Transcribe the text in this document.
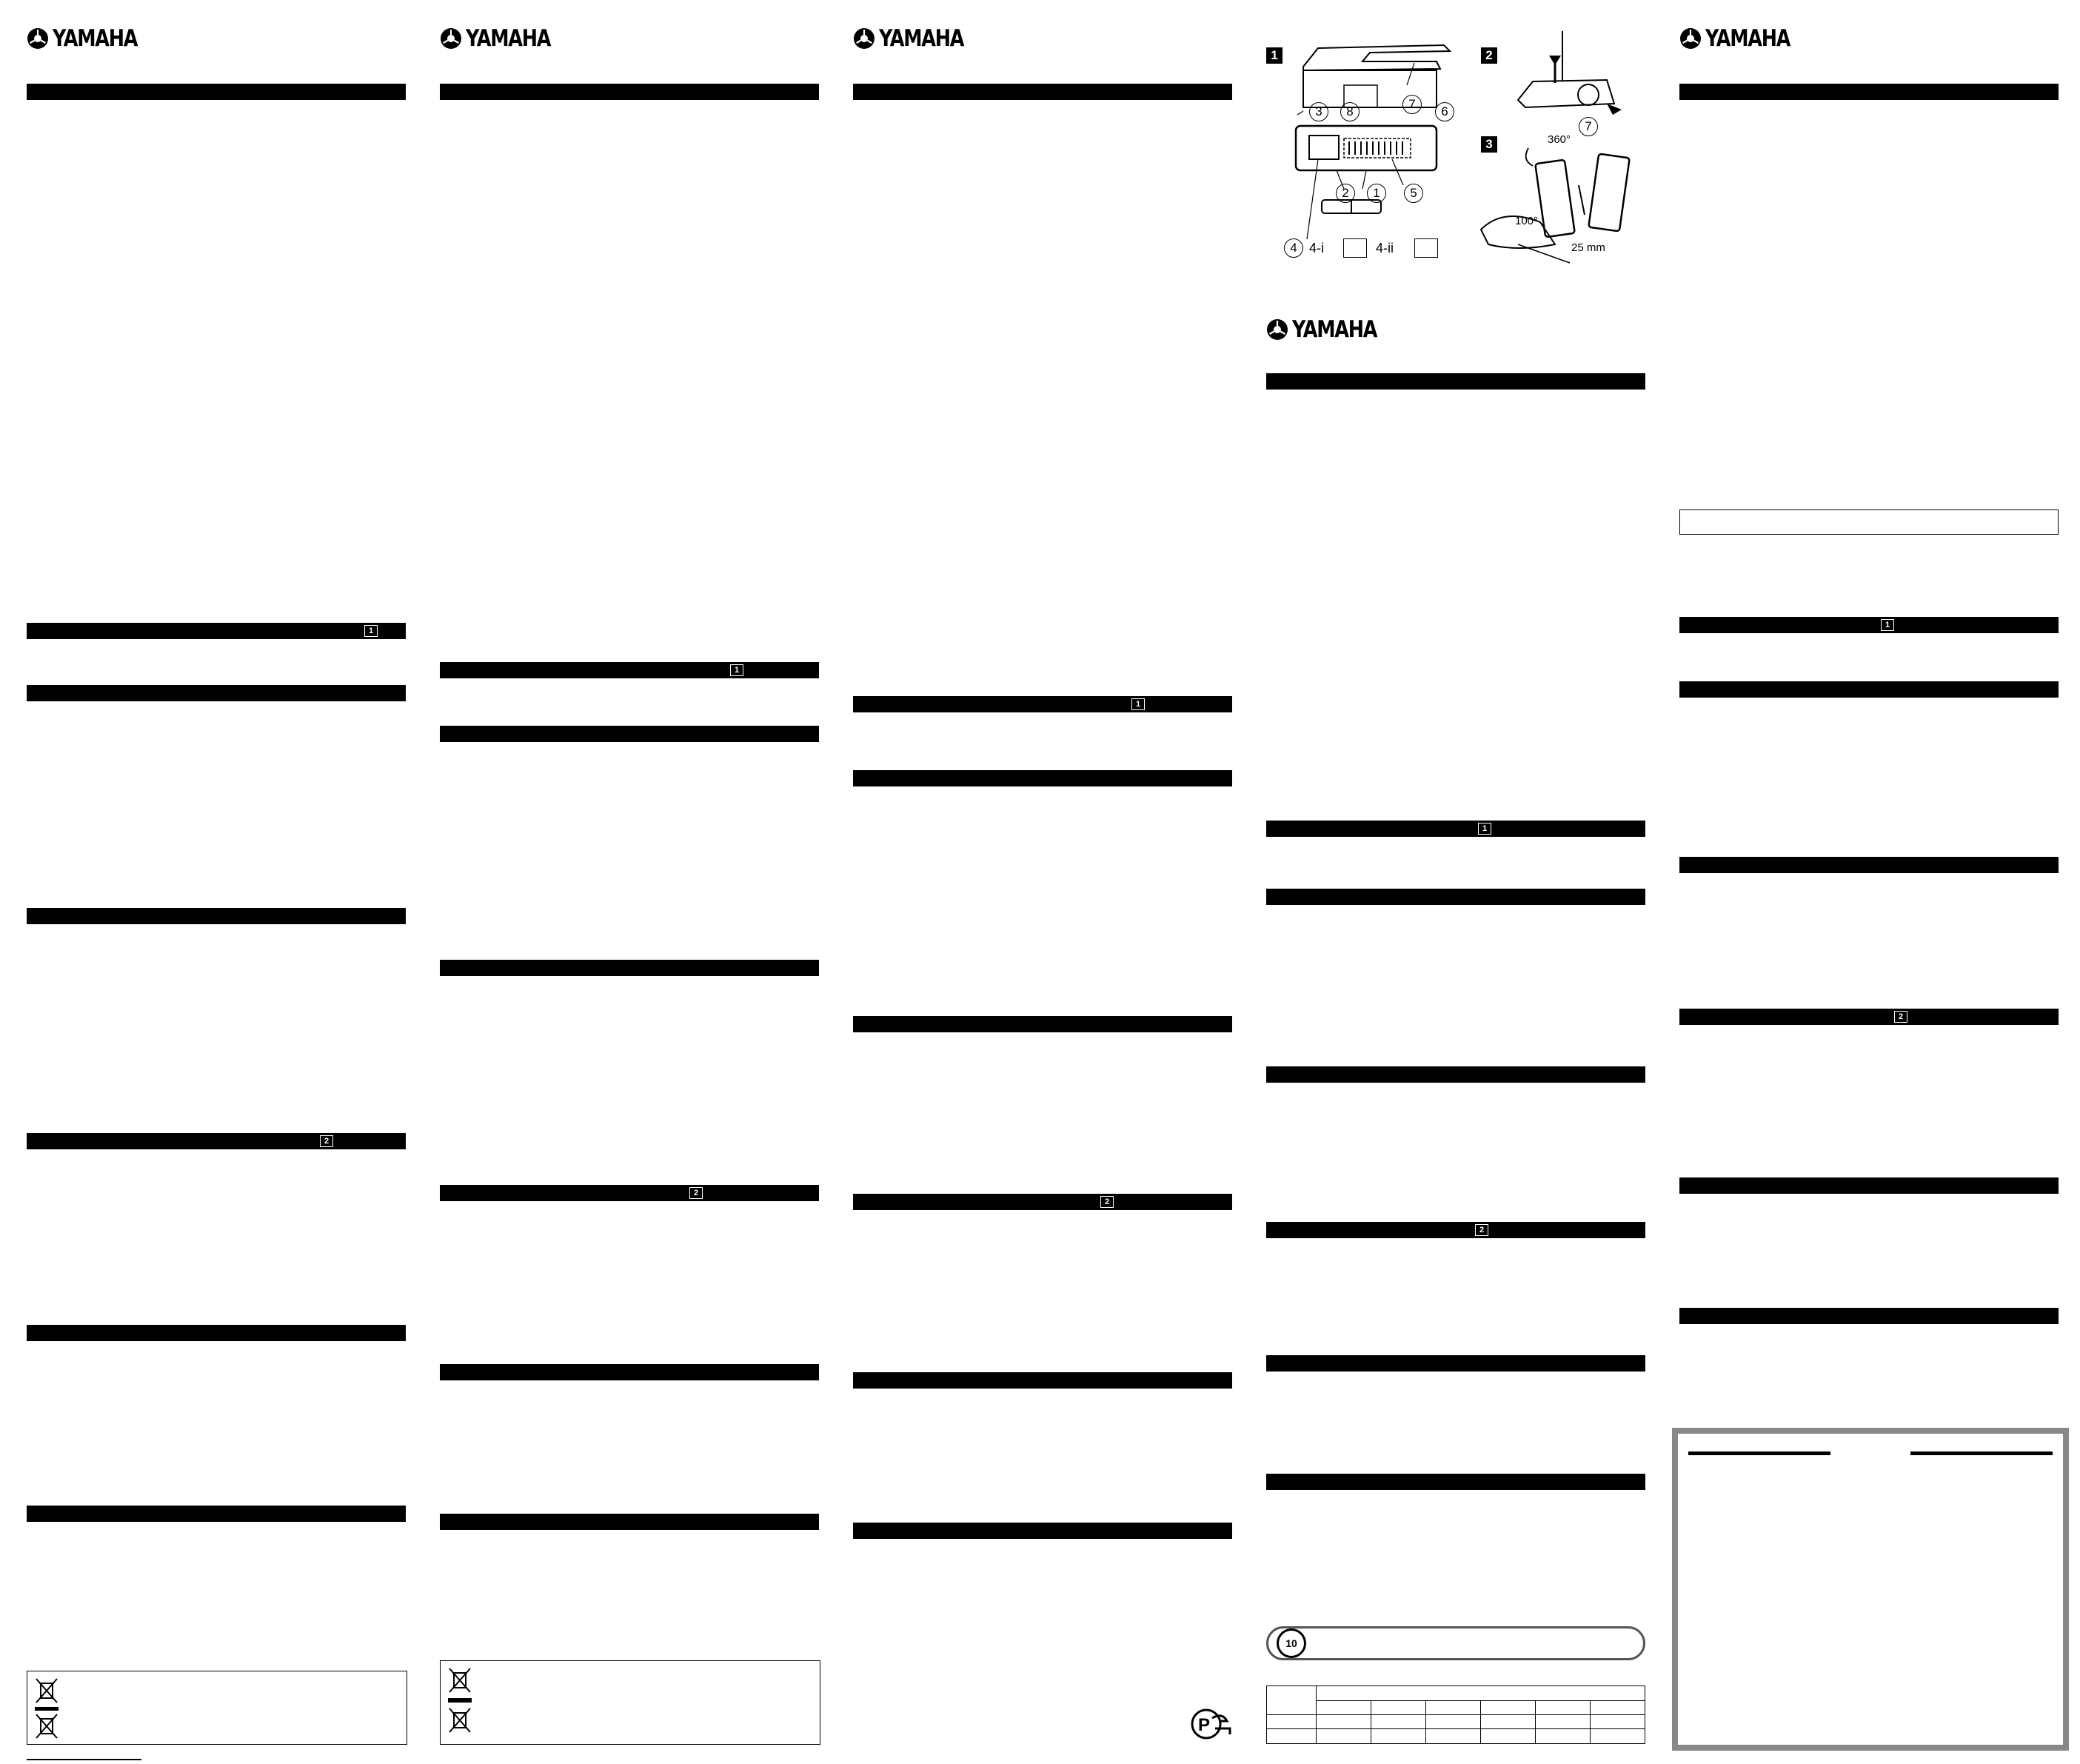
YAMAHA
1
2
YAMAHA
1
2
YAMAHA
1
2
P
1
3	8
7
6
2	1	5
4 4-i	4-ii
2
7
3	360°
100°
25 mm
YAMAHA
1
2
10

YAMAHA
1
2
